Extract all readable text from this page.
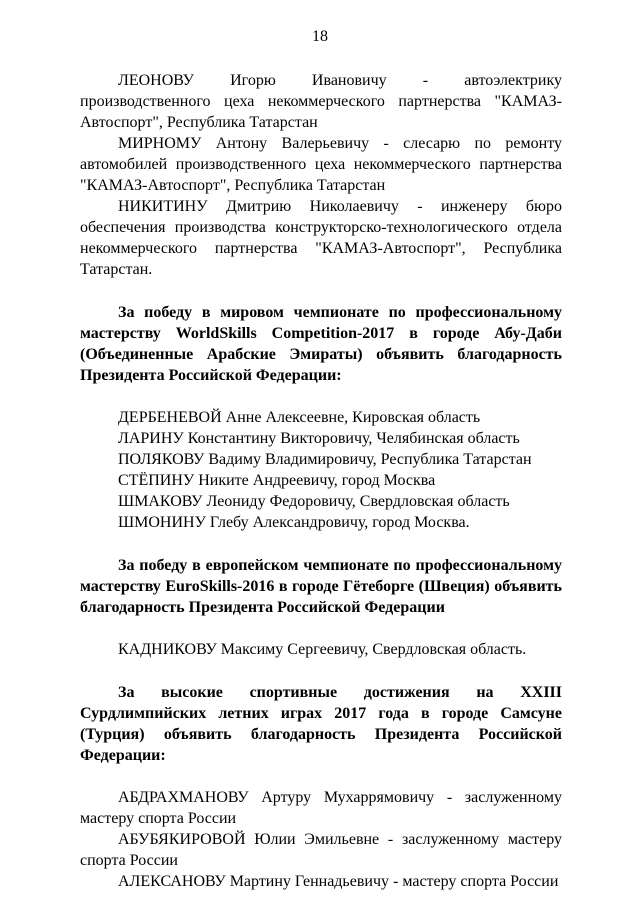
18

ЛЕОНОВУ Игорю Ивановичу - автоэлектрику производственного цеха некоммерческого партнерства "КАМАЗ-Автоспорт", Республика Татарстан

МИРНОМУ Антону Валерьевичу - слесарю по ремонту автомобилей производственного цеха некоммерческого партнерства "КАМАЗ-Автоспорт", Республика Татарстан

НИКИТИНУ Дмитрию Николаевичу - инженеру бюро обеспечения производства конструкторско-технологического отдела некоммерческого партнерства "КАМАЗ-Автоспорт", Республика Татарстан.

За победу в мировом чемпионате по профессиональному мастерству WorldSkills Competition-2017 в городе Абу-Даби (Объединенные Арабские Эмираты) объявить благодарность Президента Российской Федерации:

ДЕРБЕНЕВОЙ Анне Алексеевне, Кировская область

ЛАРИНУ Константину Викторовичу, Челябинская область

ПОЛЯКОВУ Вадиму Владимировичу, Республика Татарстан

СТЁПИНУ Никите Андреевичу, город Москва

ШМАКОВУ Леониду Федоровичу, Свердловская область

ШМОНИНУ Глебу Александровичу, город Москва.

За победу в европейском чемпионате по профессиональному мастерству EuroSkills-2016 в городе Гётеборге (Швеция) объявить благодарность Президента Российской Федерации

КАДНИКОВУ Максиму Сергеевичу, Свердловская область.

За высокие спортивные достижения на XXIII Сурдлимпийских летних играх 2017 года в городе Самсуне (Турция) объявить благодарность Президента Российской Федерации:

АБДРАХМАНОВУ Артуру Мухаррямовичу - заслуженному мастеру спорта России

АБУБЯКИРОВОЙ Юлии Эмильевне - заслуженному мастеру спорта России

АЛЕКСАНОВУ Мартину Геннадьевичу - мастеру спорта России
